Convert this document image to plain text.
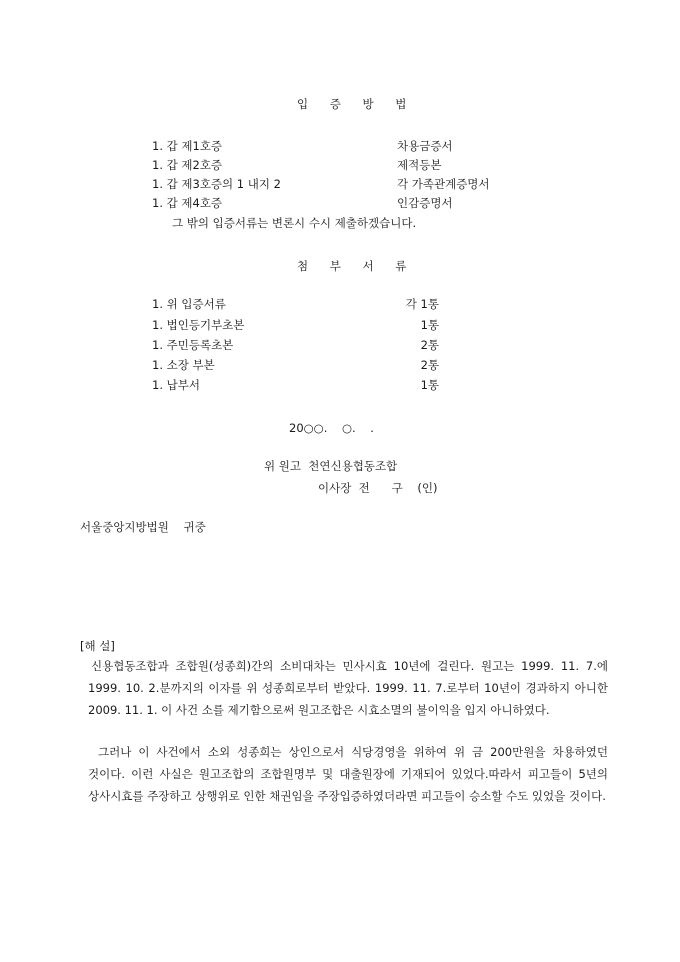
입 증 방 법
1. 갑 제1호증	차용금증서
1. 갑 제2호증	제적등본
1. 갑 제3호증의 1 내지 2	각 가족관계증명서
1. 갑 제4호증	인감증명서
그 밖의 입증서류는 변론시 수시 제출하겠습니다.
첨 부 서 류
1. 위 입증서류	각 1통
1. 법인등기부초본	1통
1. 주민등록초본	2통
1. 소장 부본	2통
1. 납부서	1통
20○○.    ○.    .
위 원고  천연신용협동조합
이사장  전      구    (인)
서울중앙지방법원    귀중
[해 설]
신용협동조합과 조합원(성종희)간의 소비대차는 민사시효 10년에 걸린다. 원고는 1999. 11. 7.에 1999. 10. 2.분까지의 이자를 위 성종희로부터 받았다. 1999. 11. 7.로부터 10년이 경과하지 아니한 2009. 11. 1. 이 사건 소를 제기함으로써 원고조합은 시효소멸의 불이익을 입지 아니하였다.
그러나 이 사건에서 소외 성종희는 상인으로서 식당경영을 위하여 위 금 200만원을 차용하였던 것이다. 이런 사실은 원고조합의 조합원명부 및 대출원장에 기재되어 있었다.따라서 피고들이 5년의 상사시효를 주장하고 상행위로 인한 채권임을 주장입증하였더라면 피고들이 승소할 수도 있었을 것이다.
